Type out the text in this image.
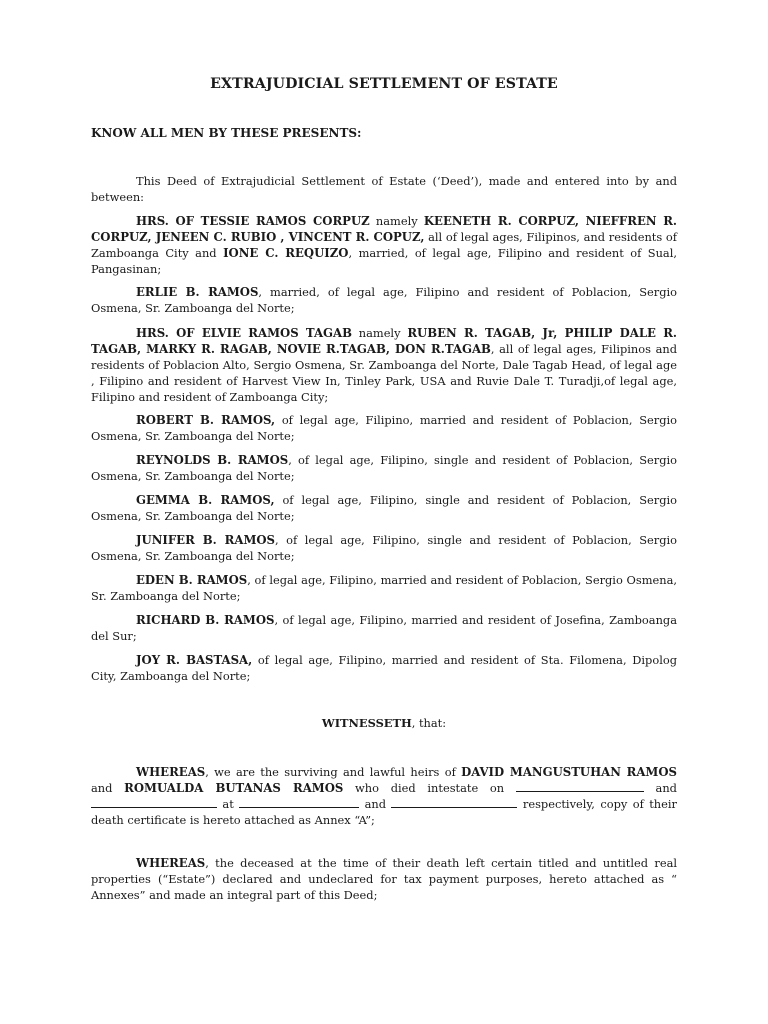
EXTRAJUDICIAL SETTLEMENT OF ESTATE
KNOW ALL MEN BY THESE PRESENTS:

This Deed of Extrajudicial Settlement of Estate (‘Deed’), made and entered into by and between:

HRS. OF TESSIE RAMOS CORPUZ namely KEENETH R. CORPUZ, NIEFFREN R. CORPUZ, JENEEN C. RUBIO , VINCENT R. COPUZ, all of legal ages, Filipinos, and residents of Zamboanga City and IONE C. REQUIZO, married, of legal age, Filipino and resident of Sual, Pangasinan;

ERLIE B. RAMOS, married, of legal age, Filipino and resident of Poblacion, Sergio Osmena, Sr. Zamboanga del Norte;

HRS. OF ELVIE RAMOS TAGAB namely RUBEN R. TAGAB, Jr, PHILIP DALE R. TAGAB, MARKY R. RAGAB, NOVIE R.TAGAB, DON R.TAGAB, all of legal ages, Filipinos and residents of Poblacion Alto, Sergio Osmena, Sr. Zamboanga del Norte, Dale Tagab Head, of legal age , Filipino and resident of Harvest View In, Tinley Park, USA and Ruvie Dale T. Turadji,of legal age, Filipino and resident of Zamboanga City;

ROBERT B. RAMOS, of legal age, Filipino, married and resident of Poblacion, Sergio Osmena, Sr. Zamboanga del Norte;

REYNOLDS B. RAMOS, of legal age, Filipino, single and resident of Poblacion, Sergio Osmena, Sr. Zamboanga del Norte;

GEMMA B. RAMOS, of legal age, Filipino, single and resident of Poblacion, Sergio Osmena, Sr. Zamboanga del Norte;

JUNIFER B. RAMOS, of legal age, Filipino, single and resident of Poblacion, Sergio Osmena, Sr. Zamboanga del Norte;

EDEN B. RAMOS, of legal age, Filipino, married and resident of Poblacion, Sergio Osmena, Sr. Zamboanga del Norte;

RICHARD B. RAMOS, of legal age, Filipino, married and resident of Josefina, Zamboanga del Sur;

JOY R. BASTASA, of legal age, Filipino, married and resident of Sta. Filomena, Dipolog City, Zamboanga del Norte;

WITNESSETH, that:

WHEREAS, we are the surviving and lawful heirs of DAVID MANGUSTUHAN RAMOS and ROMUALDA BUTANAS RAMOS who died intestate on	and  at	and	respectively, copy of their death certificate is hereto attached as Annex “A”;

WHEREAS, the deceased at the time of their death left certain titled and untitled real properties (“Estate”) declared and undeclared for tax payment purposes, hereto attached as “ Annexes” and made an integral part of this Deed;
